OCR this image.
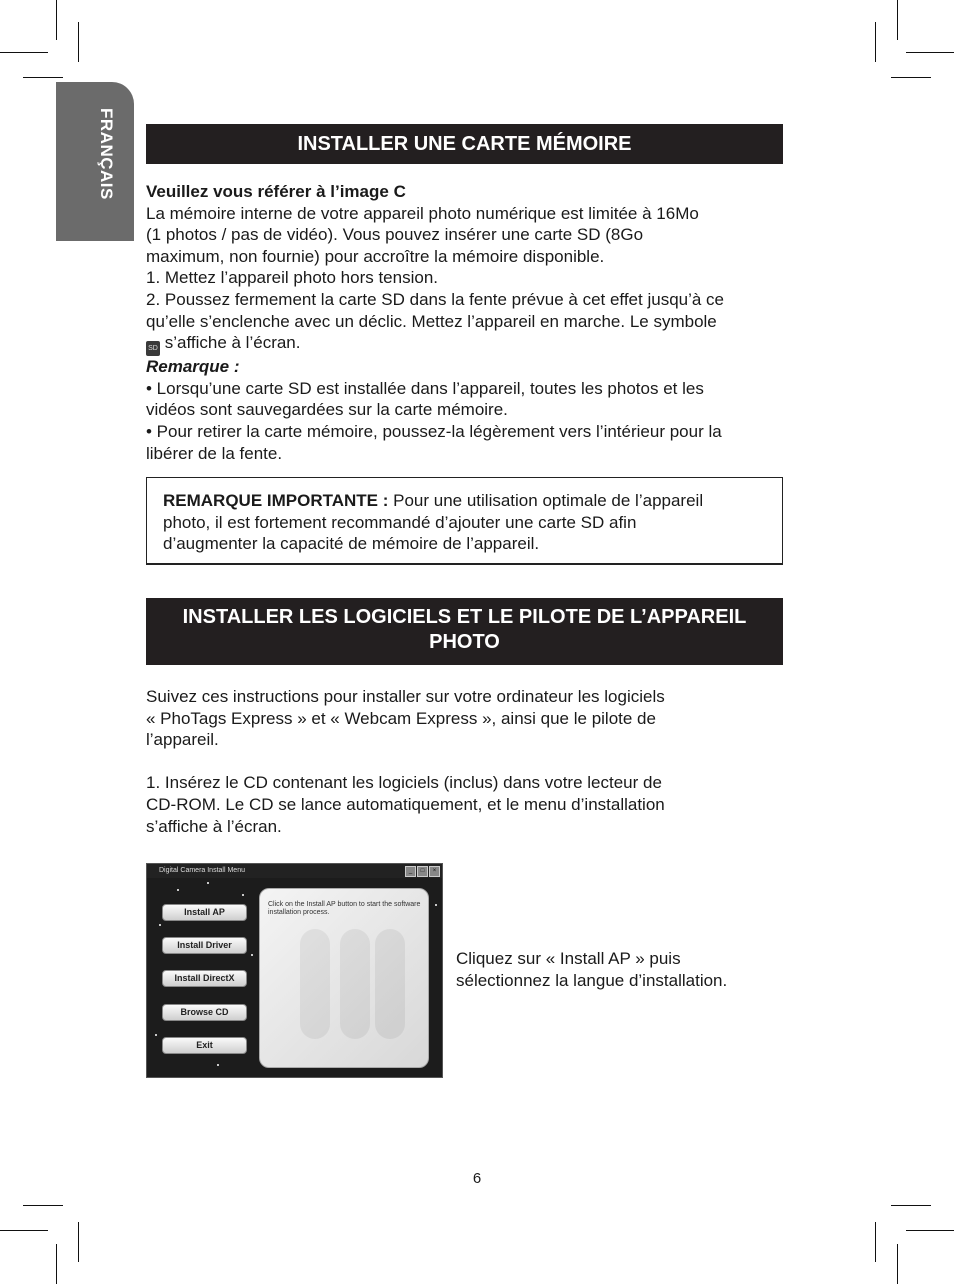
FRANÇAIS	INSTALLER UNE CARTE MÉMOIRE

Veuillez vous référer à l’image C

La mémoire interne de votre appareil photo numérique est limitée à 16Mo

(1 photos / pas de vidéo). Vous pouvez insérer une carte SD (8Go

maximum, non fournie) pour accroître la mémoire disponible.

1. Mettez l’appareil photo hors tension.

2. Poussez fermement la carte SD dans la fente prévue à cet effet jusqu’à ce

qu’elle s’enclenche avec un déclic. Mettez l’appareil en marche. Le symbole

SD s’affiche à l’écran.

Remarque :

• Lorsqu’une carte SD est installée dans l’appareil, toutes les photos et les

vidéos sont sauvegardées sur la carte mémoire.

• Pour retirer la carte mémoire, poussez-la légèrement vers l’intérieur pour la

libérer de la fente.

REMARQUE IMPORTANTE : Pour une utilisation optimale de l’appareil
photo, il est fortement recommandé d’ajouter une carte SD afin
d’augmenter la capacité de mémoire de l’appareil.
INSTALLER LES LOGICIELS ET LE PILOTE DE L’APPAREIL
PHOTO

Suivez ces instructions pour installer sur votre ordinateur les logiciels

« PhoTags Express » et « Webcam Express », ainsi que le pilote de

l’appareil.

1. Insérez le CD contenant les logiciels (inclus) dans votre lecteur de

CD-ROM. Le CD se lance automatiquement, et le menu d’installation

s’affiche à l’écran.

Digital Camera Install Menu	_	□	×
Install AP
Install Driver
Install DirectX
Browse CD
Exit
Click on the Install AP button to start the software installation process.
Cliquez sur « Install AP » puis
sélectionnez la langue d’installation.
6
